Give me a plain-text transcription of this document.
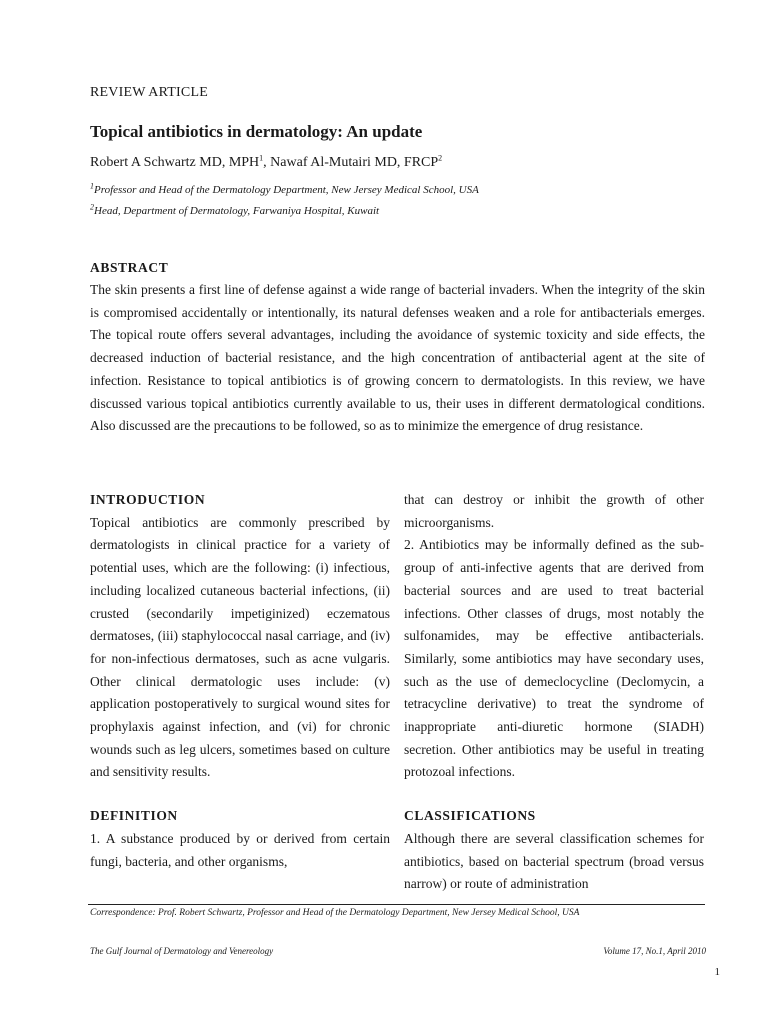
REVIEW ARTICLE
Topical antibiotics in dermatology: An update
Robert A Schwartz MD, MPH$^1$, Nawaf Al-Mutairi MD, FRCP$^2$
$^1$Professor and Head of the Dermatology Department, New Jersey Medical School, USA
$^2$Head, Department of Dermatology, Farwaniya Hospital, Kuwait
ABSTRACT

The skin presents a first line of defense against a wide range of bacterial invaders. When the integrity of the skin is compromised accidentally or intentionally, its natural defenses weaken and a role for antibacterials emerges. The topical route offers several advantages, including the avoidance of systemic toxicity and side effects, the decreased induction of bacterial resistance, and the high concentration of antibacterial agent at the site of infection. Resistance to topical antibiotics is of growing concern to dermatologists. In this review, we have discussed various topical antibiotics currently available to us, their uses in different dermatological conditions. Also discussed are the precautions to be followed, so as to minimize the emergence of drug resistance.

INTRODUCTION

Topical antibiotics are commonly prescribed by dermatologists in clinical practice for a variety of potential uses, which are the following: (i) infectious, including localized cutaneous bacterial infections, (ii) crusted (secondarily impetiginized) eczematous dermatoses, (iii) staphylococcal nasal carriage, and (iv) for non-infectious dermatoses, such as acne vulgaris. Other clinical dermatologic uses include: (v) application postoperatively to surgical wound sites for prophylaxis against infection, and (vi) for chronic wounds such as leg ulcers, sometimes based on culture and sensitivity results.

DEFINITION

1. A substance produced by or derived from certain fungi, bacteria, and other organisms,

that can destroy or inhibit the growth of other microorganisms.

2. Antibiotics may be informally defined as the sub-group of anti-infective agents that are derived from bacterial sources and are used to treat bacterial infections. Other classes of drugs, most notably the sulfonamides, may be effective antibacterials. Similarly, some antibiotics may have secondary uses, such as the use of demeclocycline (Declomycin, a tetracycline derivative) to treat the syndrome of inappropriate anti-diuretic hormone (SIADH) secretion. Other antibiotics may be useful in treating protozoal infections.

CLASSIFICATIONS

Although there are several classification schemes for antibiotics, based on bacterial spectrum (broad versus narrow) or route of administration

Correspondence: Prof. Robert Schwartz, Professor and Head of the Dermatology Department, New Jersey Medical School, USA
The Gulf Journal of Dermatology and Venereology	Volume 17, No.1, April 2010
1
